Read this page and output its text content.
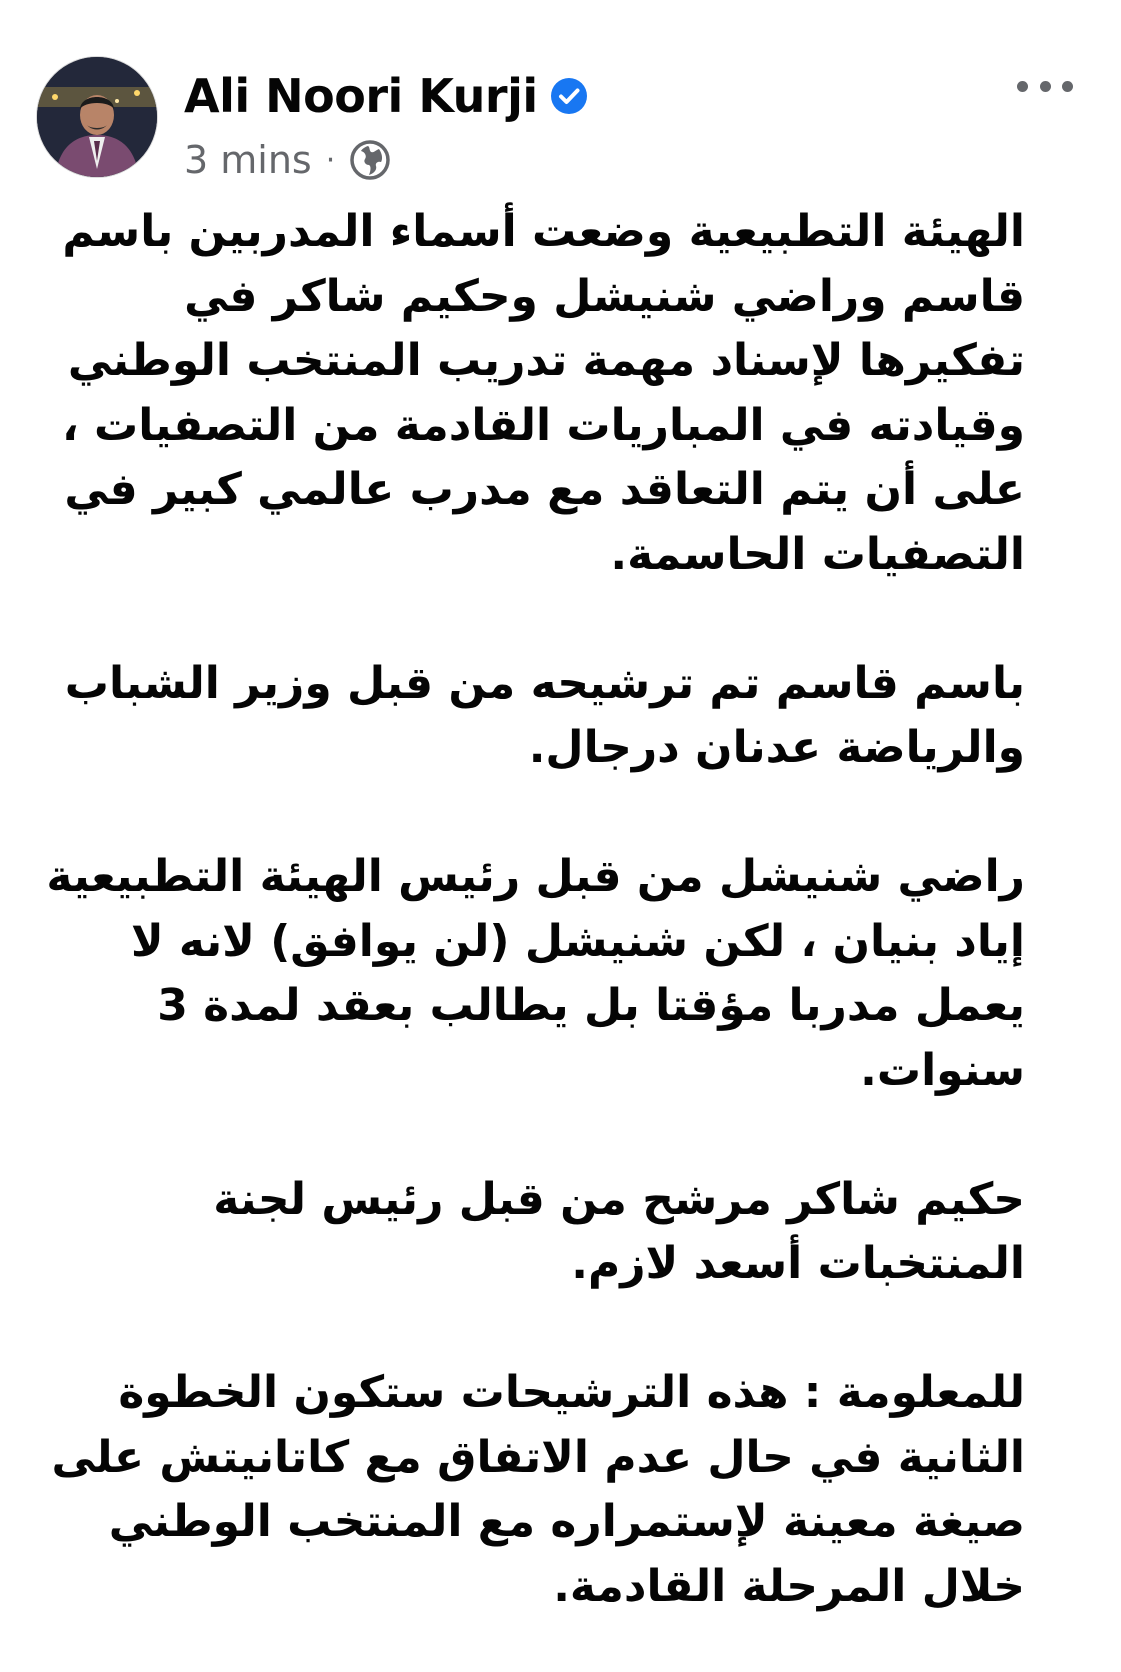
Ali Noori Kurji
3 mins ·

الهيئة التطبيعية وضعت أسماء المدربين باسم قاسم وراضي شنيشل وحكيم شاكر في تفكيرها لإسناد مهمة تدريب المنتخب الوطني وقيادته في المباريات القادمة من التصفيات ، على أن يتم التعاقد مع مدرب عالمي كبير في التصفيات الحاسمة.

باسم قاسم تم ترشيحه من قبل وزير الشباب والرياضة عدنان درجال.

راضي شنيشل من قبل رئيس الهيئة التطبيعية إياد بنيان ، لكن شنيشل (لن يوافق) لانه لا يعمل مدربا مؤقتا بل يطالب بعقد لمدة 3 سنوات.

حكيم شاكر مرشح من قبل رئيس لجنة المنتخبات أسعد لازم.

للمعلومة : هذه الترشيحات ستكون الخطوة الثانية في حال عدم الاتفاق مع كاتانيتش على صيغة معينة لإستمراره مع المنتخب الوطني خلال المرحلة القادمة.
